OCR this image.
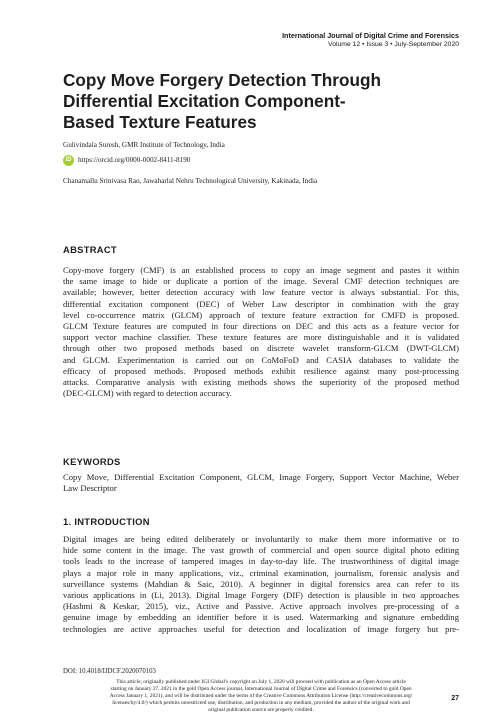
International Journal of Digital Crime and Forensics
Volume 12 • Issue 3 • July-September 2020
Copy Move Forgery Detection Through
Differential Excitation Component-
Based Texture Features
Gulivindala Suresh, GMR Institute of Technology, India
iD https://orcid.org/0000-0002-8411-8190
Chanamallu Srinivasa Rao, Jawaharlal Nehru Technological University, Kakinada, India
ABSTRACT
Copy-move forgery (CMF) is an established process to copy an image segment and pastes it within
the same image to hide or duplicate a portion of the image. Several CMF detection techniques are
available; however, better detection accuracy with low feature vector is always substantial. For this,
differential excitation component (DEC) of Weber Law descriptor in combination with the gray
level co-occurrence matrix (GLCM) approach of texture feature extraction for CMFD is proposed.
GLCM Texture features are computed in four directions on DEC and this acts as a feature vector for
support vector machine classifier. These texture features are more distinguishable and it is validated
through other two proposed methods based on discrete wavelet transform-GLCM (DWT-GLCM)
and GLCM. Experimentation is carried out on CoMoFoD and CASIA databases to validate the
efficacy of proposed methods. Proposed methods exhibit resilience against many post-processing
attacks. Comparative analysis with existing methods shows the superiority of the proposed method
(DEC-GLCM) with regard to detection accuracy.
KEYWORDS
Copy Move, Differential Excitation Component, GLCM, Image Forgery, Support Vector Machine, Weber
Law Descriptor
1. INTRODUCTION
Digital images are being edited deliberately or involuntarily to make them more informative or to
hide some content in the image. The vast growth of commercial and open source digital photo editing
tools leads to the increase of tampered images in day-to-day life. The trustworthiness of digital image
plays a major role in many applications, viz., criminal examination, journalism, forensic analysis and
surveillance systems (Mahdian & Saic, 2010). A beginner in digital forensics area can refer to its
various applications in (Li, 2013). Digital Image Forgery (DIF) detection is plausible in two approaches
(Hashmi & Keskar, 2015), viz., Active and Passive. Active approach involves pre-processing of a
genuine image by embedding an identifier before it is used. Watermarking and signature embedding
technologies are active approaches useful for detection and localization of image forgery but pre-
DOI: 10.4018/IJDCF.2020070103
This article, originally published under IGI Global's copyright on July 1, 2020 will proceed with publication as an Open Access article
starting on January 27, 2021 in the gold Open Access journal, International Journal of Digital Crime and Forensics (converted to gold Open
Access January 1, 2021), and will be distributed under the terms of the Creative Commons Attribution License (http://creativecommons.org/
licenses/by/4.0/) which permits unrestricted use, distribution, and production in any medium, provided the author of the original work and
original publication source are properly credited.
27
